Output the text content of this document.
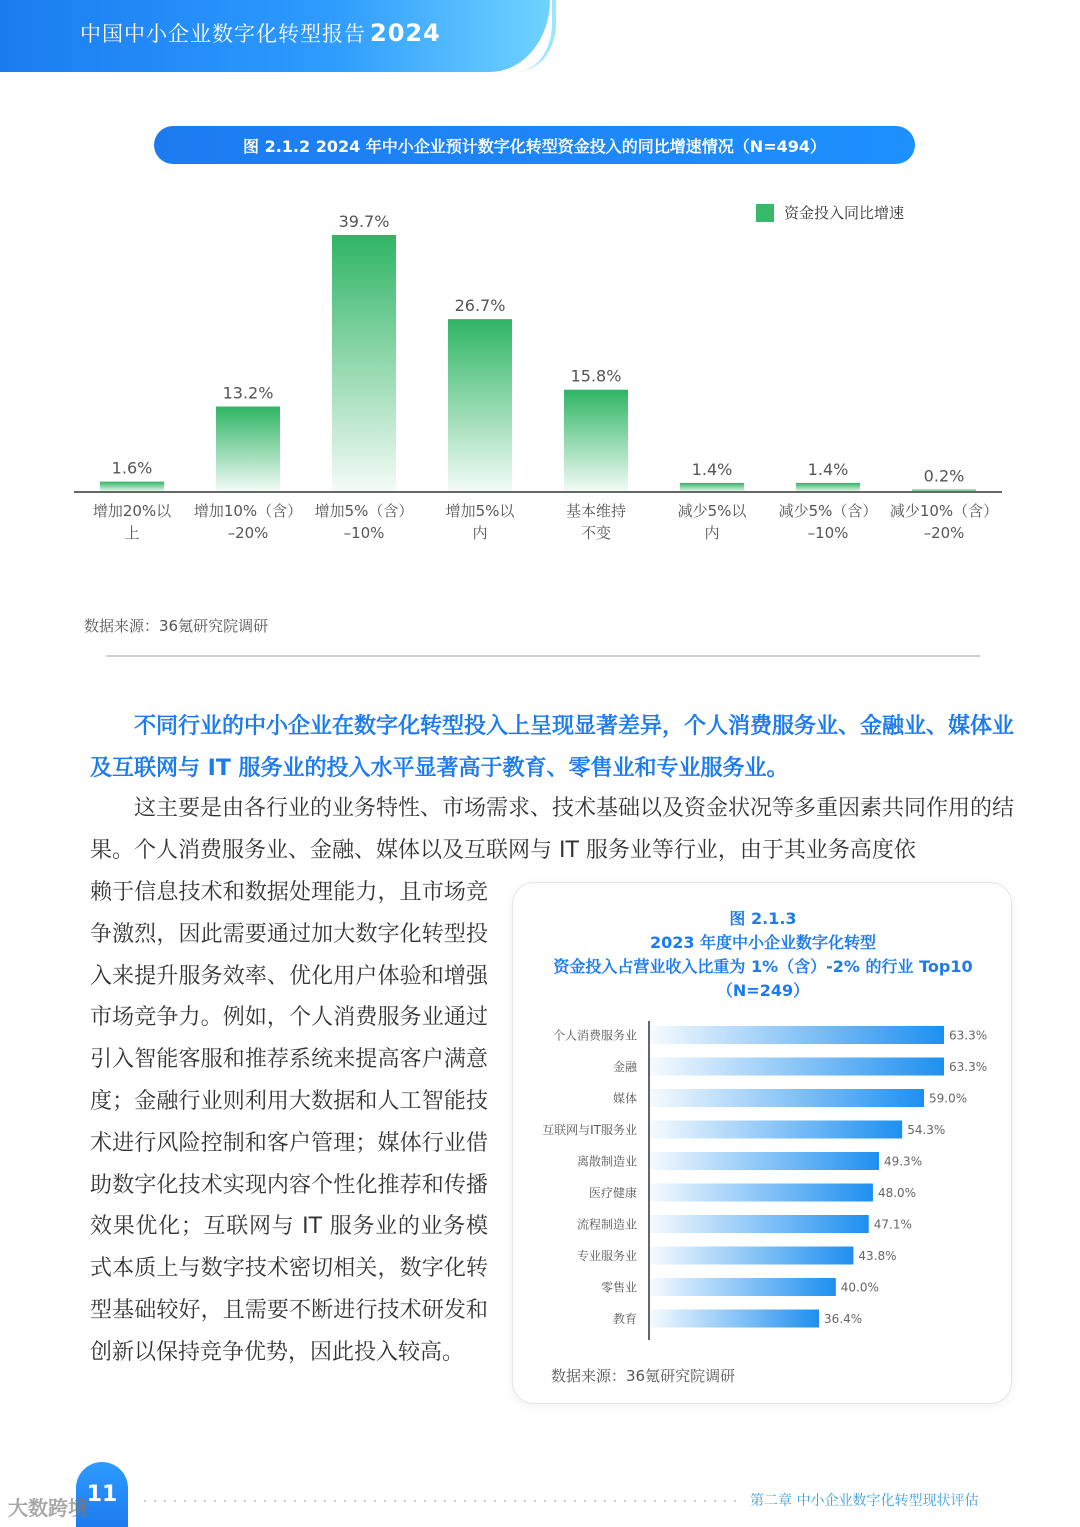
中国中小企业数字化转型报告 2024
图 2.1.2 2024 年中小企业预计数字化转型资金投入的同比增速情况（N=494）
资金投入同比增速
1.6%
增加20%以
上
13.2%
增加10%（含）
–20%
39.7%
增加5%（含）
–10%
26.7%
增加5%以
内
15.8%
基本维持
不变
1.4%
减少5%以
内
1.4%
减少5%（含）
–10%
0.2%
减少10%（含）
–20%
数据来源：36氪研究院调研

不同行业的中小企业在数字化转型投入上呈现显著差异，个人消费服务业、金融业、媒体业及互联网与 IT 服务业的投入水平显著高于教育、零售业和专业服务业。

这主要是由各行业的业务特性、市场需求、技术基础以及资金状况等多重因素共同作用的结果。个人消费服务业、金融、媒体以及互联网与 IT 服务业等行业，由于其业务高度依

赖于信息技术和数据处理能力，且市场竞争激烈，因此需要通过加大数字化转型投入来提升服务效率、优化用户体验和增强市场竞争力。例如，个人消费服务业通过引入智能客服和推荐系统来提高客户满意度；金融行业则利用大数据和人工智能技术进行风险控制和客户管理；媒体行业借助数字化技术实现内容个性化推荐和传播效果优化；互联网与 IT 服务业的业务模式本质上与数字技术密切相关，数字化转型基础较好，且需要不断进行技术研发和创新以保持竞争优势，因此投入较高。

图 2.1.3
2023 年度中小企业数字化转型
资金投入占营业收入比重为 1%（含）-2% 的行业 Top10
（N=249）
个人消费服务业	63.3%
金融	63.3%
媒体	59.0%
互联网与IT服务业	54.3%
离散制造业	49.3%
医疗健康	48.0%
流程制造业	47.1%
专业服务业	43.8%
零售业	40.0%
教育	36.4%
数据来源：36氪研究院调研
11	第二章 中小企业数字化转型现状评估
大数跨境
